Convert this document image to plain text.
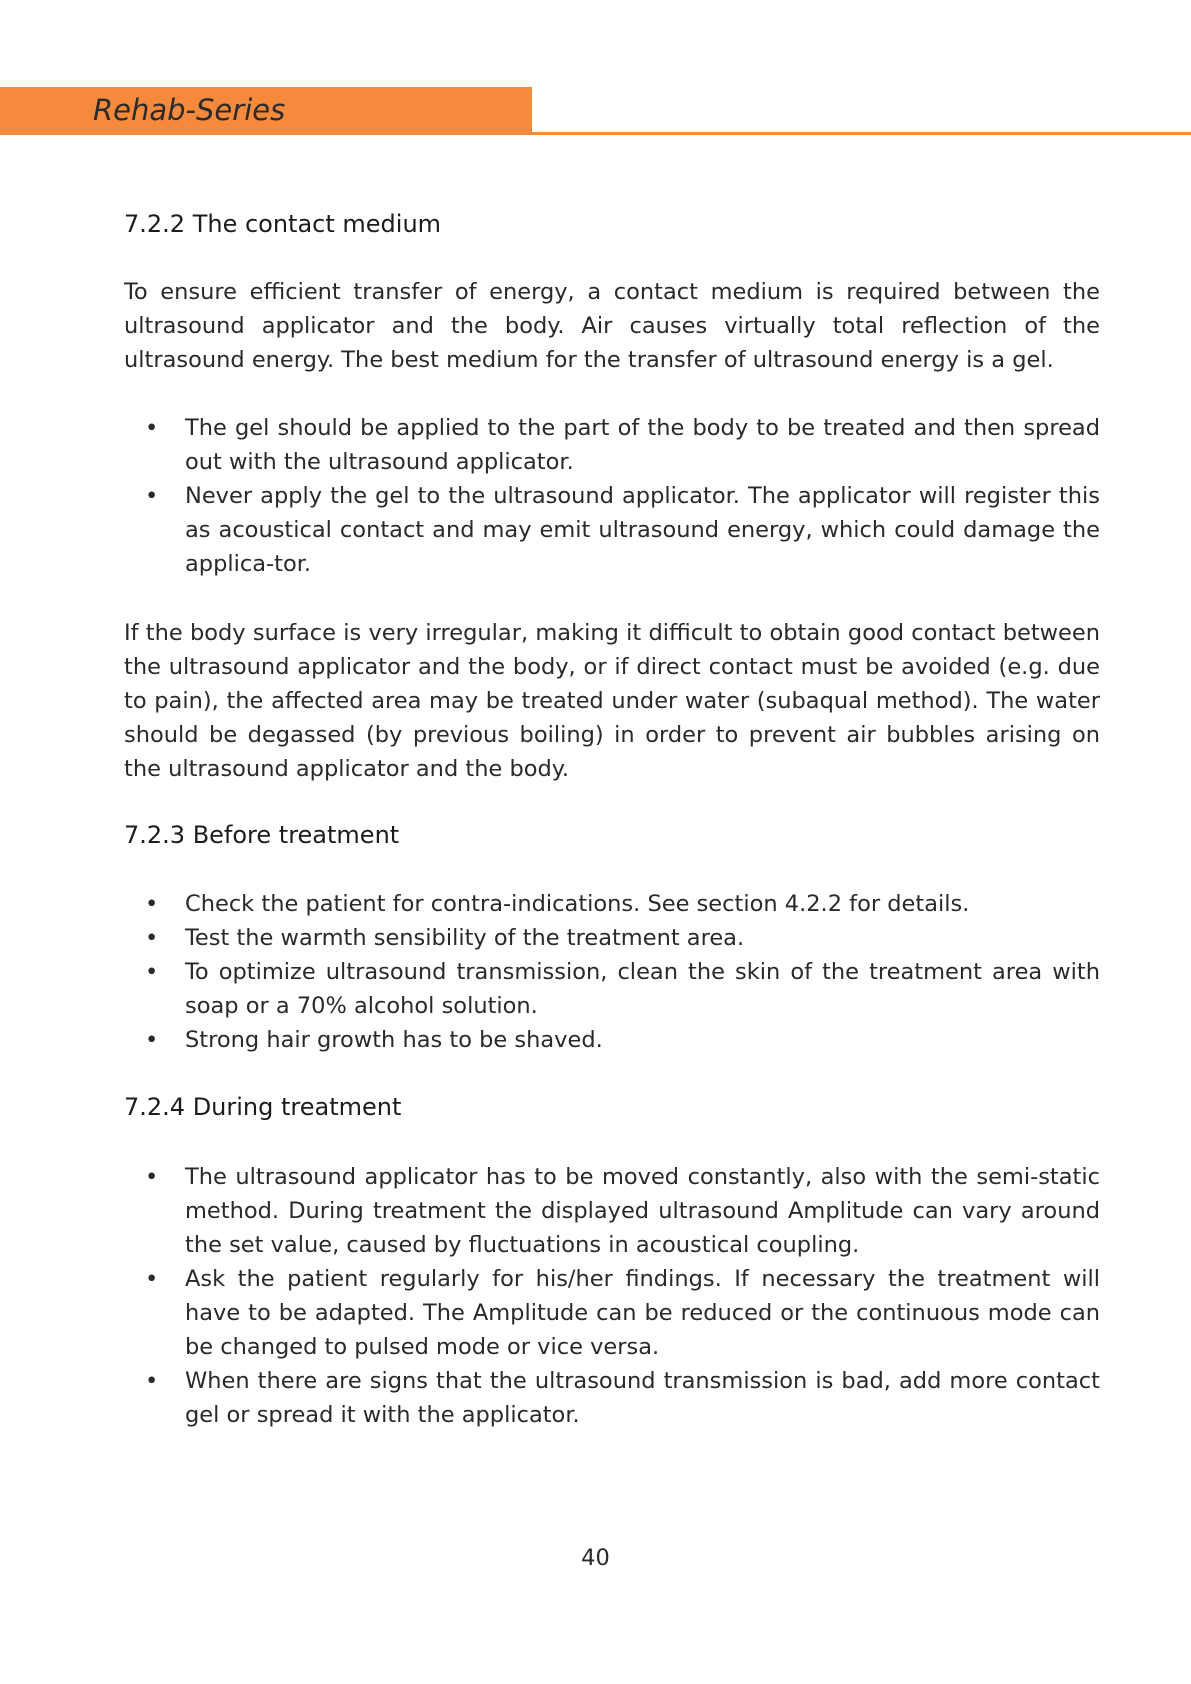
Rehab-Series
7.2.2 The contact medium
To ensure efficient transfer of energy, a contact medium is required between the ultrasound applicator and the body. Air causes virtually total reflection of the ultrasound energy. The best medium for the transfer of ultrasound energy is a gel.
• The gel should be applied to the part of the body to be treated and then spread out with the ultrasound applicator.
• Never apply the gel to the ultrasound applicator. The applicator will register this as acoustical contact and may emit ultrasound energy, which could damage the applica-tor.
If the body surface is very irregular, making it difficult to obtain good contact between the ultrasound applicator and the body, or if direct contact must be avoided (e.g. due to pain), the affected area may be treated under water (subaqual method). The water should be degassed (by previous boiling) in order to prevent air bubbles arising on the ultrasound applicator and the body.
7.2.3 Before treatment
• Check the patient for contra-indications. See section 4.2.2 for details.
• Test the warmth sensibility of the treatment area.
• To optimize ultrasound transmission, clean the skin of the treatment area with soap or a 70% alcohol solution.
• Strong hair growth has to be shaved.
7.2.4 During treatment
• The ultrasound applicator has to be moved constantly, also with the semi-static method. During treatment the displayed ultrasound Amplitude can vary around the set value, caused by fluctuations in acoustical coupling.
• Ask the patient regularly for his/her findings. If necessary the treatment will have to be adapted. The Amplitude can be reduced or the continuous mode can be changed to pulsed mode or vice versa.
• When there are signs that the ultrasound transmission is bad, add more contact gel or spread it with the applicator.
40
